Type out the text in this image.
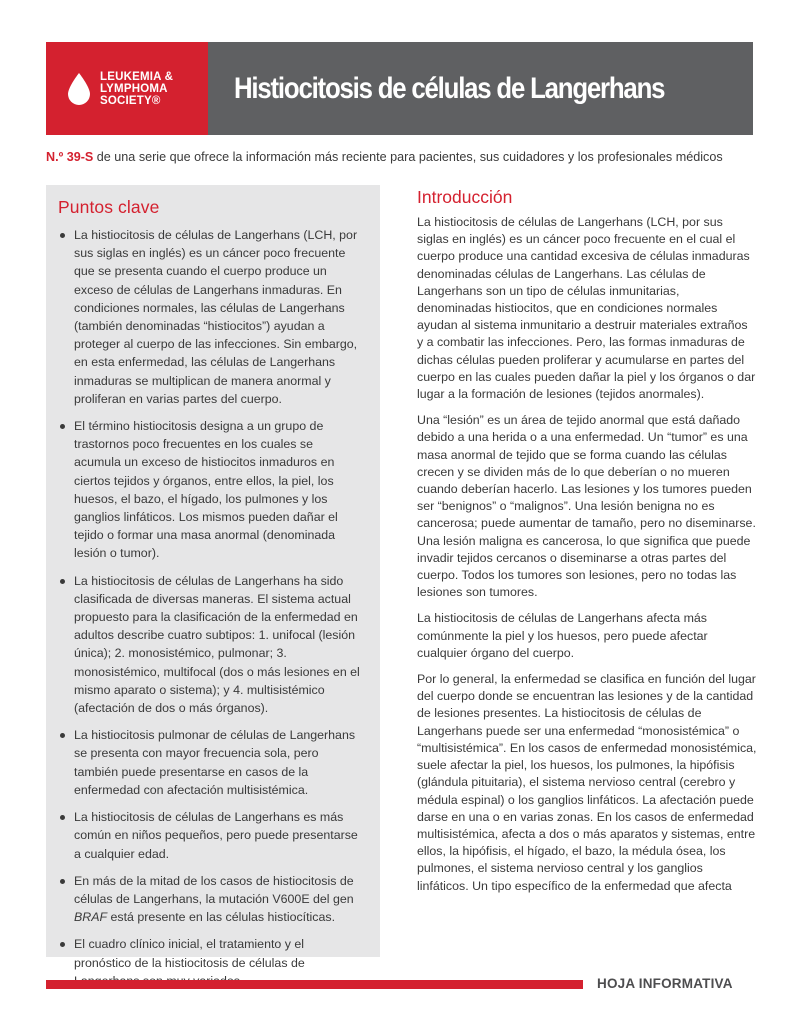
LEUKEMIA &
LYMPHOMA
SOCIETY®	Histiocitosis de células de Langerhans
N.º 39-S de una serie que ofrece la información más reciente para pacientes, sus cuidadores y los profesionales médicos
Puntos clave
La histiocitosis de células de Langerhans (LCH, por sus siglas en inglés) es un cáncer poco frecuente que se presenta cuando el cuerpo produce un exceso de células de Langerhans inmaduras. En condiciones normales, las células de Langerhans (también denominadas “histiocitos”) ayudan a proteger al cuerpo de las infecciones. Sin embargo, en esta enfermedad, las células de Langerhans inmaduras se multiplican de manera anormal y proliferan en varias partes del cuerpo.
El término histiocitosis designa a un grupo de trastornos poco frecuentes en los cuales se acumula un exceso de histiocitos inmaduros en ciertos tejidos y órganos, entre ellos, la piel, los huesos, el bazo, el hígado, los pulmones y los ganglios linfáticos. Los mismos pueden dañar el tejido o formar una masa anormal (denominada lesión o tumor).
La histiocitosis de células de Langerhans ha sido clasificada de diversas maneras. El sistema actual propuesto para la clasificación de la enfermedad en adultos describe cuatro subtipos: 1. unifocal (lesión única); 2. monosistémico, pulmonar; 3. monosistémico, multifocal (dos o más lesiones en el mismo aparato o sistema); y 4. multisistémico (afectación de dos o más órganos).
La histiocitosis pulmonar de células de Langerhans se presenta con mayor frecuencia sola, pero también puede presentarse en casos de la enfermedad con afectación multisistémica.
La histiocitosis de células de Langerhans es más común en niños pequeños, pero puede presentarse a cualquier edad.
En más de la mitad de los casos de histiocitosis de células de Langerhans, la mutación V600E del gen BRAF está presente en las células histiocíticas.
El cuadro clínico inicial, el tratamiento y el pronóstico de la histiocitosis de células de
Introducción

La histiocitosis de células de Langerhans (LCH, por sus siglas en inglés) es un cáncer poco frecuente en el cual el cuerpo produce una cantidad excesiva de células inmaduras denominadas células de Langerhans. Las células de Langerhans son un tipo de células inmunitarias, denominadas histiocitos, que en condiciones normales ayudan al sistema inmunitario a destruir materiales extraños y a combatir las infecciones. Pero, las formas inmaduras de dichas células pueden proliferar y acumularse en partes del cuerpo en las cuales pueden dañar la piel y los órganos o dar lugar a la formación de lesiones (tejidos anormales).

Una “lesión” es un área de tejido anormal que está dañado debido a una herida o a una enfermedad. Un “tumor” es una masa anormal de tejido que se forma cuando las células crecen y se dividen más de lo que deberían o no mueren cuando deberían hacerlo. Las lesiones y los tumores pueden ser “benignos” o “malignos”. Una lesión benigna no es cancerosa; puede aumentar de tamaño, pero no diseminarse. Una lesión maligna es cancerosa, lo que significa que puede invadir tejidos cercanos o diseminarse a otras partes del cuerpo. Todos los tumores son lesiones, pero no todas las lesiones son tumores.

La histiocitosis de células de Langerhans afecta más comúnmente la piel y los huesos, pero puede afectar cualquier órgano del cuerpo.

Por lo general, la enfermedad se clasifica en función del lugar del cuerpo donde se encuentran las lesiones y de la cantidad de lesiones presentes. La histiocitosis de células de Langerhans puede ser una enfermedad “monosistémica” o “multisistémica”. En los casos de enfermedad monosistémica, suele afectar la piel, los huesos, los pulmones, la hipófisis (glándula pituitaria), el sistema nervioso central (cerebro y médula espinal) o los ganglios linfáticos. La afectación puede darse en una o en varias zonas. En los casos de enfermedad multisistémica, afecta a dos o más aparatos y sistemas, entre ellos, la hipófisis, el hígado, el bazo, la médula ósea, los pulmones, el sistema nervioso central y los ganglios linfáticos. Un tipo específico de la enfermedad que afecta

HOJA INFORMATIVA
